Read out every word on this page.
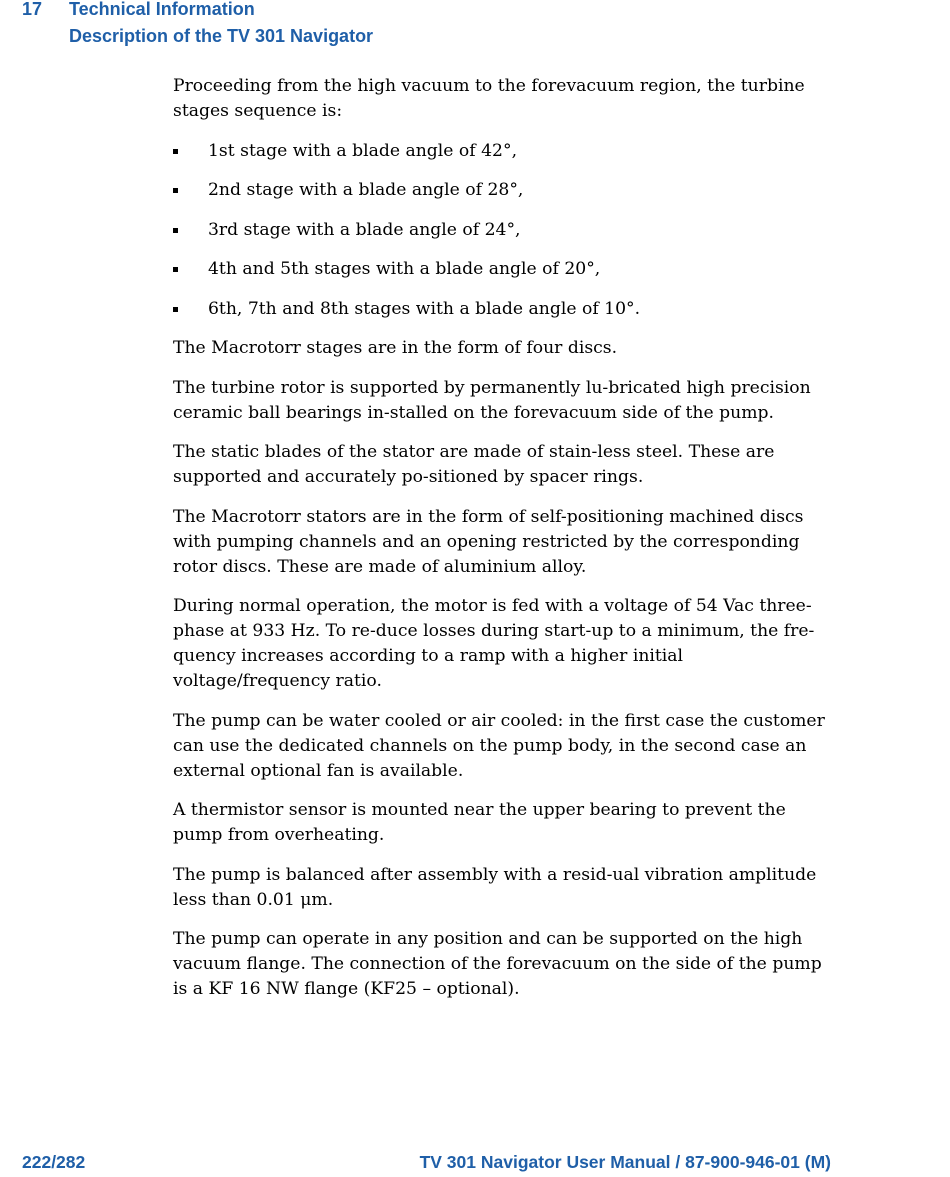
17 Technical Information
Description of the TV 301 Navigator

Proceeding from the high vacuum to the forevacuum region, the turbine stages sequence is:

1st stage with a blade angle of 42°,
2nd stage with a blade angle of 28°,
3rd stage with a blade angle of 24°,
4th and 5th stages with a blade angle of 20°,
6th, 7th and 8th stages with a blade angle of 10°.

The Macrotorr stages are in the form of four discs.

The turbine rotor is supported by permanently lu-bricated high precision ceramic ball bearings in-stalled on the forevacuum side of the pump.

The static blades of the stator are made of stain-less steel. These are supported and accurately po-sitioned by spacer rings.

The Macrotorr stators are in the form of self-positioning machined discs with pumping channels and an opening restricted by the corresponding rotor discs. These are made of aluminium alloy.

During normal operation, the motor is fed with a voltage of 54 Vac three-phase at 933 Hz. To re-duce losses during start-up to a minimum, the fre-quency increases according to a ramp with a higher initial voltage/frequency ratio.

The pump can be water cooled or air cooled: in the first case the customer can use the dedicated channels on the pump body, in the second case an external optional fan is available.

A thermistor sensor is mounted near the upper bearing to prevent the pump from overheating.

The pump is balanced after assembly with a resid-ual vibration amplitude less than 0.01 μm.

The pump can operate in any position and can be supported on the high vacuum flange. The connection of the forevacuum on the side of the pump is a KF 16 NW flange (KF25 – optional).

222/282	TV 301 Navigator User Manual / 87-900-946-01 (M)
